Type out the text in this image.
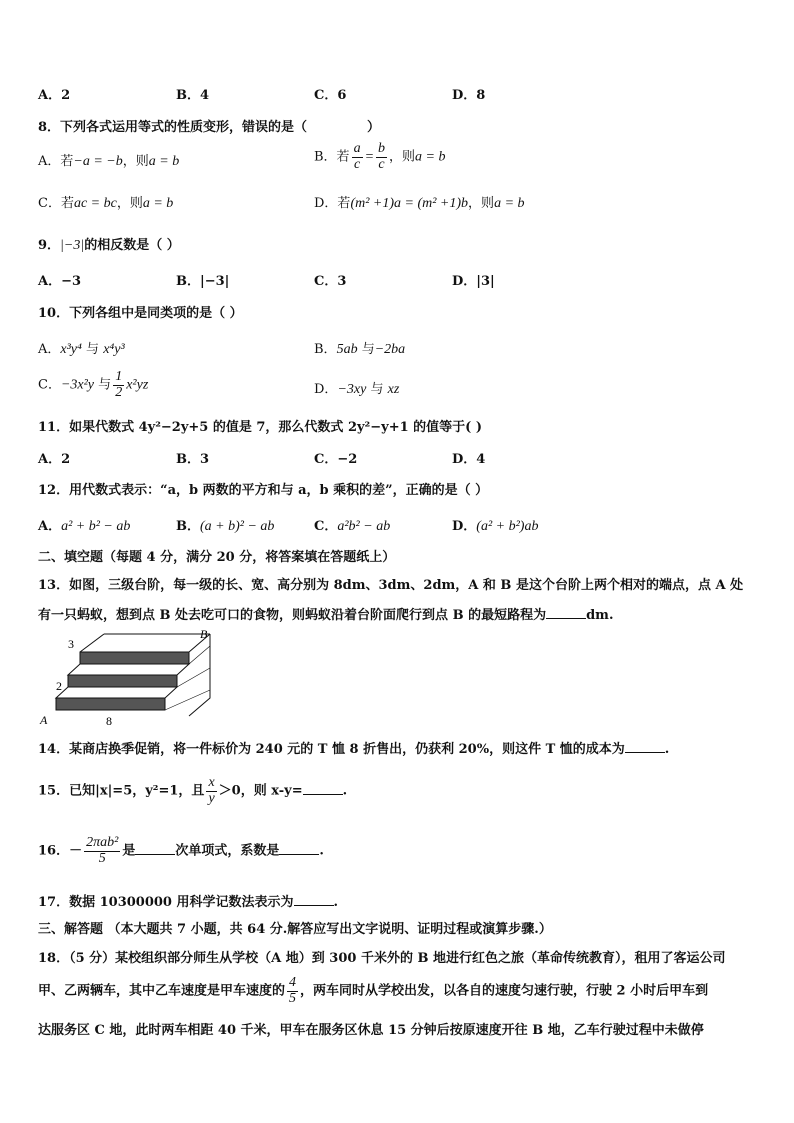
A．2	B．4	C．6	D．8
8．下列各式运用等式的性质变形，错误的是（	）
A．若−a = −b，则a = b	B．若 $\frac{a}{c} = \frac{b}{c}$ ，则a = b
C．若ac = bc，则a = b	D．若(m² +1)a = (m² +1)b，则a = b
9．|−3|的相反数是（ ）
A．−3	B．|−3|	C．3	D．|3|
10．下列各组中是同类项的是（ ）
A．x³y⁴ 与 x⁴y³	B．5ab 与−2ba
C．−3x²y 与 $\frac{1}{2} x^2yz$	D．−3xy 与 xz
11．如果代数式 4y²−2y+5 的值是 7，那么代数式 2y²−y+1 的值等于( )
A．2	B．3	C．−2	D．4
12．用代数式表示：“a，b 两数的平方和与 a，b 乘积的差”，正确的是（ ）
A．a² + b² − ab	B．(a + b)² − ab	C．a²b² − ab	D．(a² + b²)ab
二、填空题（每题 4 分，满分 20 分，将答案填在答题纸上）
13．如图，三级台阶，每一级的长、宽、高分别为 8dm、3dm、2dm，A 和 B 是这个台阶上两个相对的端点，点 A 处
有一只蚂蚁，想到点 B 处去吃可口的食物，则蚂蚁沿着台阶面爬行到点 B 的最短路程为	dm.
3
2
A	8
B
14．某商店换季促销，将一件标价为 240 元的 T 恤 8 折售出，仍获利 20%，则这件 T 恤的成本为	.
15．已知|x|=5，y²=1，且 $\frac{x}{y} >0$，则 x-y=	.
16．－ $\frac{\text{2πab²}}{5}$ 是	次单项式，系数是	.
17．数据 10300000 用科学记数法表示为	.
三、解答题 （本大题共 7 小题，共 64 分.解答应写出文字说明、证明过程或演算步骤.）
18．（5 分）某校组织部分师生从学校（A 地）到 300 千米外的 B 地进行红色之旅（革命传统教育），租用了客运公司
甲、乙两辆车，其中乙车速度是甲车速度的 $\frac{4}{5}$ ，两车同时从学校出发，以各自的速度匀速行驶，行驶 2 小时后甲车到
达服务区 C 地，此时两车相距 40 千米，甲车在服务区休息 15 分钟后按原速度开往 B 地，乙车行驶过程中未做停
